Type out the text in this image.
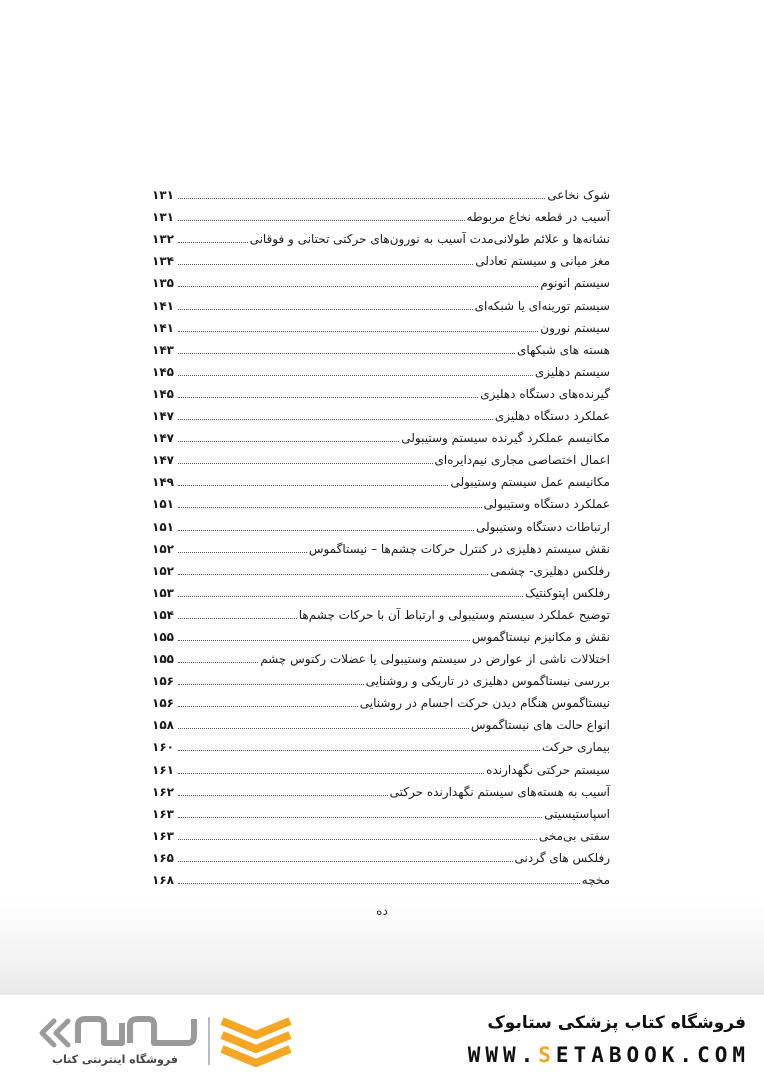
شوک نخاعی
۱۳۱
آسیب در قطعه نخاع مربوطه
۱۳۱
نشانه‌ها و علائم طولانی‌مدت آسیب به نورون‌های حرکتی تحتانی و فوقانی
۱۳۲
مغز میانی و سیستم تعادلی
۱۳۴
سیستم اتونوم
۱۳۵
سیستم تورینه‌ای یا شبکه‌ای
۱۴۱
سیستم نورون
۱۴۱
هسته های شبکهای
۱۴۳
سیستم دهلیزی
۱۴۵
گیرنده‌های دستگاه دهلیزی
۱۴۵
عملکرد دستگاه دهلیزی
۱۴۷
مکانیسم عملکرد گیرنده سیستم وستیبولی
۱۴۷
اعمال اختصاصی مجاری نیم‌دایره‌ای
۱۴۷
مکانیسم عمل سیستم وستیبولی
۱۴۹
عملکرد دستگاه وستیبولی
۱۵۱
ارتباطات دستگاه وستیبولی
۱۵۱
نقش سیستم دهلیزی در کنترل حرکات چشم‌ها – نیستاگموس
۱۵۲
رفلکس دهلیزی- چشمی
۱۵۲
رفلکس اپتوکنتیک
۱۵۳
توضیح عملکرد سیستم وستیبولی و ارتباط آن با حرکات چشم‌ها
۱۵۴
نقش و مکانیزم نیستاگموس
۱۵۵
اختلالات ناشی از عوارض در سیستم وستیبولی یا عضلات رکتوس چشم
۱۵۵
بررسی نیستاگموس دهلیزی در تاریکی و روشنایی
۱۵۶
نیستاگموس هنگام دیدن حرکت اجسام در روشنایی
۱۵۶
انواع حالت های نیستاگموس
۱۵۸
بیماری حرکت
۱۶۰
سیستم حرکتی نگهدارنده
۱۶۱
آسیب به هسته‌های سیستم نگهدارنده حرکتی
۱۶۲
اسپاستیسیتی
۱۶۳
سفتی بی‌مخی
۱۶۳
رفلکس های گردنی
۱۶۵
مخچه
۱۶۸
ده
فروشگاه اینترنتی کتاب
فروشگاه کتاب پزشکی ستابوک
WWW.SETABOOK.COM
